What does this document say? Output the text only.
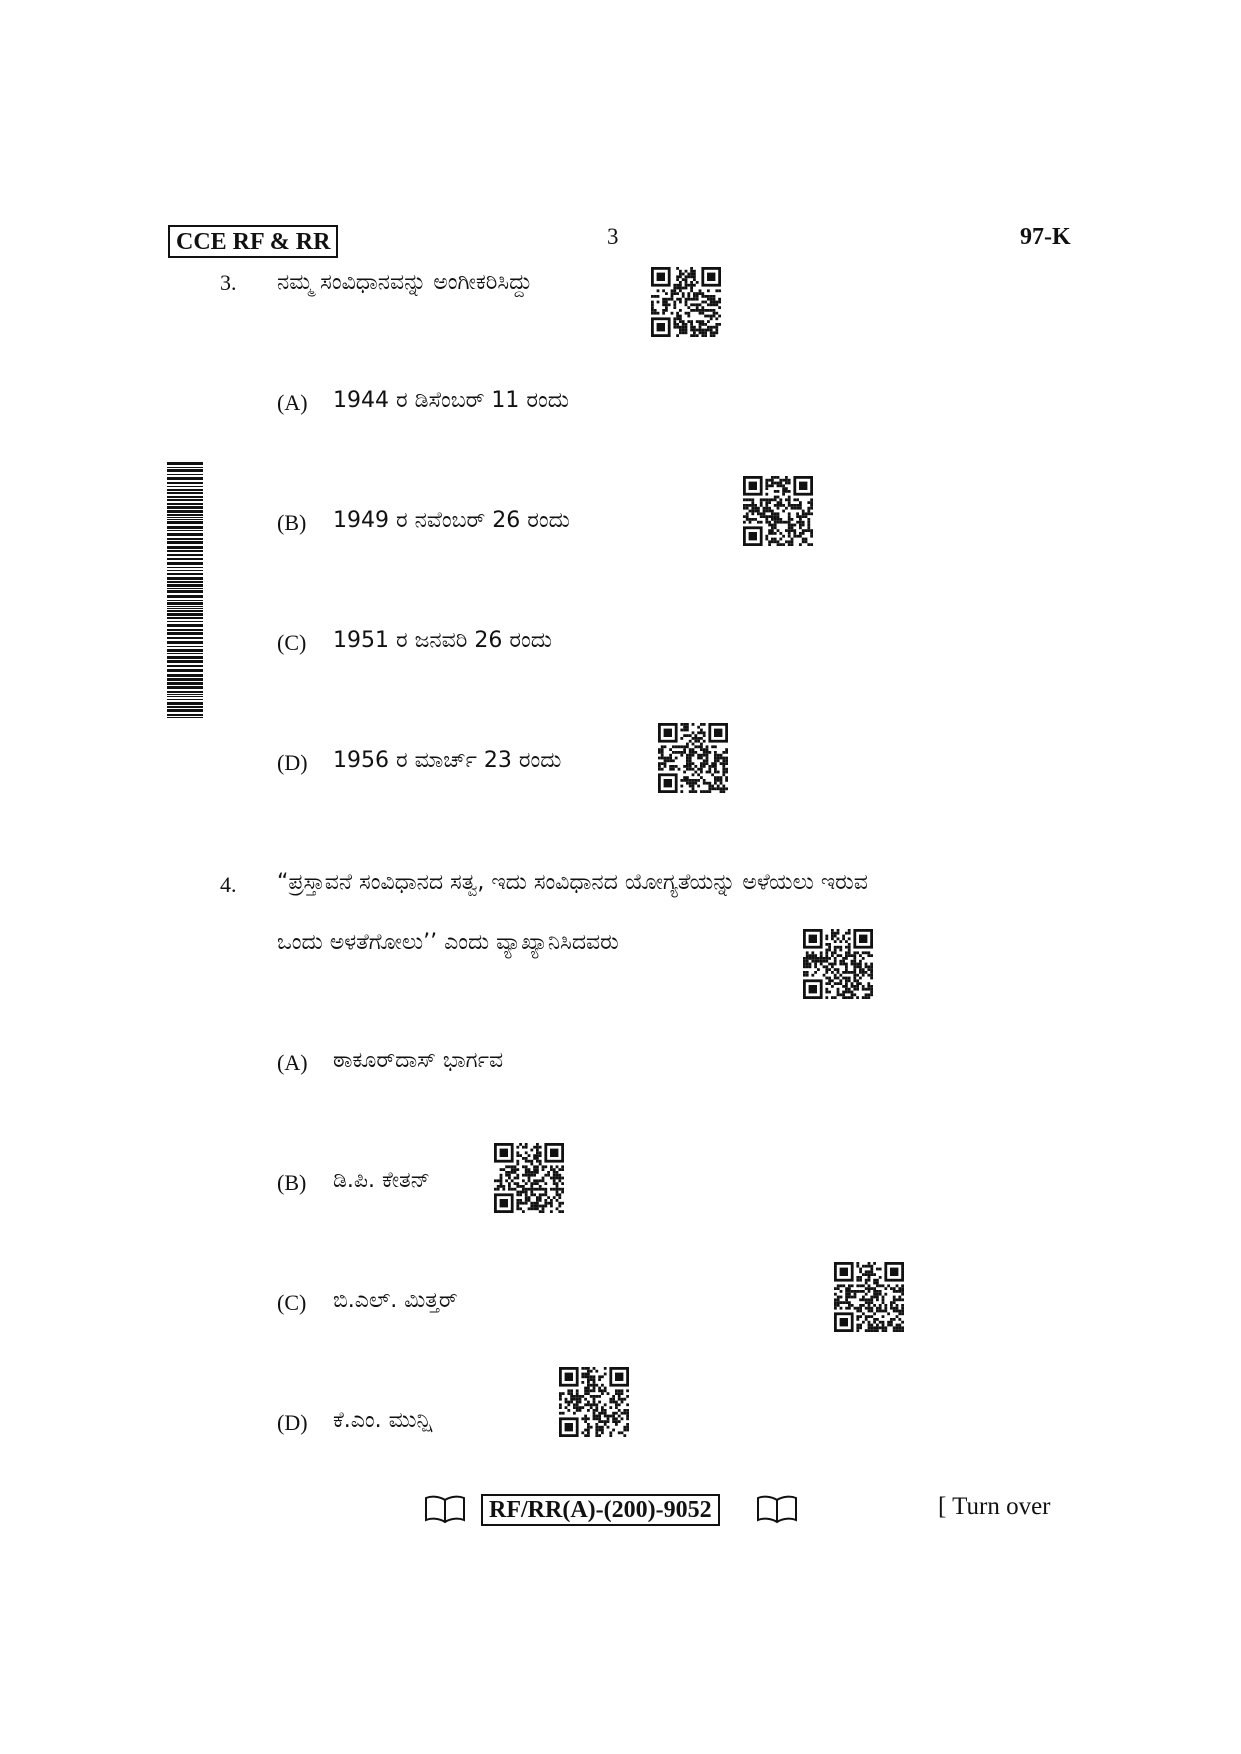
CCE RF & RR	3	97-K
3. ನಮ್ಮ ಸಂವಿಧಾನವನ್ನು ಅಂಗೀಕರಿಸಿದ್ದು
(A) 1944 ರ ಡಿಸೆಂಬರ್ 11 ರಂದು
(B) 1949 ರ ನವೆಂಬರ್ 26 ರಂದು
(C) 1951 ರ ಜನವರಿ 26 ರಂದು
(D) 1956 ರ ಮಾರ್ಚ್ 23 ರಂದು
4. “ಪ್ರಸ್ತಾವನೆ ಸಂವಿಧಾನದ ಸತ್ವ, ಇದು ಸಂವಿಧಾನದ ಯೋಗ್ಯತೆಯನ್ನು ಅಳೆಯಲು ಇರುವ
ಒಂದು ಅಳತೆಗೋಲು’’ ಎಂದು ವ್ಯಾಖ್ಯಾನಿಸಿದವರು
(A) ಠಾಕೂರ್‌ದಾಸ್ ಭಾರ್ಗವ
(B) ಡಿ.ಪಿ. ಕೇತನ್
(C) ಬಿ.ಎಲ್. ಮಿತ್ತರ್
(D) ಕೆ.ಎಂ. ಮುನ್ಷಿ
RF/RR(A)-(200)-9052	[ Turn over
